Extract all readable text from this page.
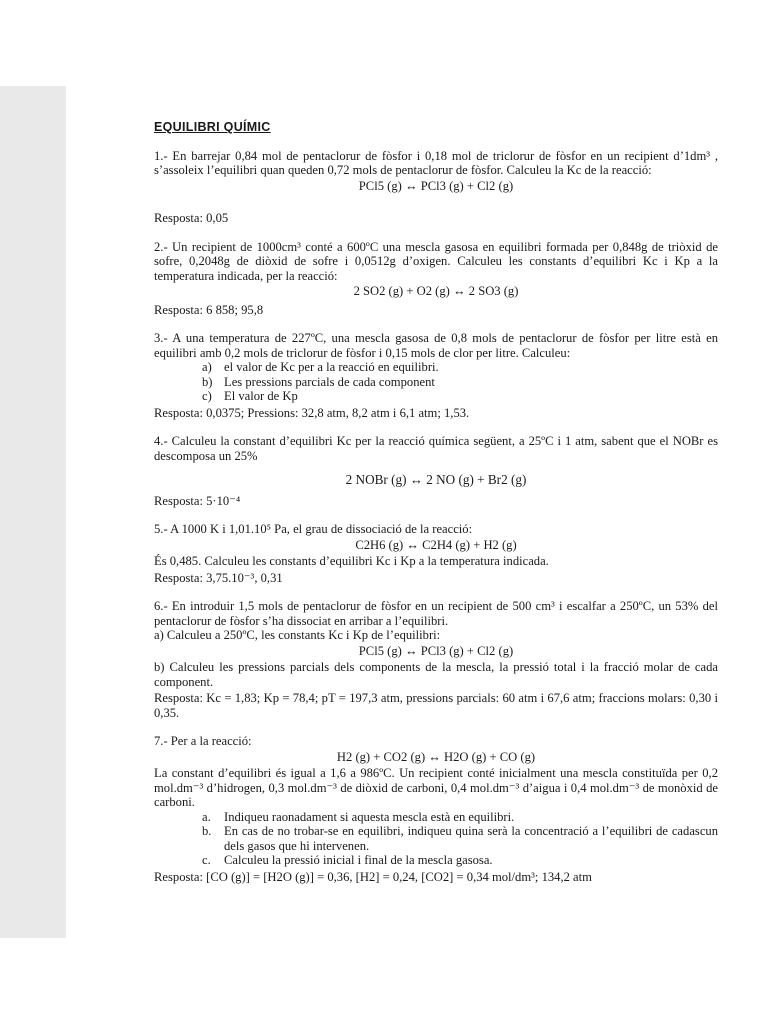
EQUILIBRI QUÍMIC

1.- En barrejar 0,84 mol de pentaclorur de fòsfor i 0,18 mol de triclorur de fòsfor en un recipient d’1dm³ , s’assoleix l’equilibri quan queden 0,72 mols de pentaclorur de fòsfor. Calculeu la Kc de la reacció:

PCl5 (g) ↔ PCl3 (g) + Cl2 (g)

Resposta: 0,05

2.- Un recipient de 1000cm³ conté a 600ºC una mescla gasosa en equilibri formada per 0,848g de triòxid de sofre, 0,2048g de diòxid de sofre i 0,0512g d’oxigen. Calculeu les constants d’equilibri Kc i Kp a la temperatura indicada, per la reacció:

2 SO2 (g) + O2 (g) ↔ 2 SO3 (g)

Resposta: 6 858; 95,8

3.- A una temperatura de 227ºC, una mescla gasosa de 0,8 mols de pentaclorur de fòsfor per litre està en equilibri amb 0,2 mols de triclorur de fòsfor i 0,15 mols de clor per litre. Calculeu:

a) el valor de Kc per a la reacció en equilibri.
b) Les pressions parcials de cada component
c) El valor de Kp

Resposta: 0,0375; Pressions: 32,8 atm, 8,2 atm i 6,1 atm; 1,53.

4.- Calculeu la constant d’equilibri Kc per la reacció química següent, a 25ºC i 1 atm, sabent que el NOBr es descomposa un 25%

2 NOBr (g) ↔ 2 NO (g) + Br2 (g)

Resposta: 5·10⁻⁴

5.- A 1000 K i 1,01.10⁵ Pa, el grau de dissociació de la reacció:

C2H6 (g) ↔ C2H4 (g) + H2 (g)

És 0,485. Calculeu les constants d’equilibri Kc i Kp a la temperatura indicada.

Resposta: 3,75.10⁻³, 0,31

6.- En introduir 1,5 mols de pentaclorur de fòsfor en un recipient de 500 cm³ i escalfar a 250ºC, un 53% del pentaclorur de fòsfor s’ha dissociat en arribar a l’equilibri.

a) Calculeu a 250ºC, les constants Kc i Kp de l’equilibri:

PCl5 (g) ↔ PCl3 (g) + Cl2 (g)

b) Calculeu les pressions parcials dels components de la mescla, la pressió total i la fracció molar de cada component.

Resposta: Kc = 1,83; Kp = 78,4; pT = 197,3 atm, pressions parcials: 60 atm i 67,6 atm; fraccions molars: 0,30 i 0,35.

7.- Per a la reacció:

H2 (g) + CO2 (g) ↔ H2O (g) + CO (g)

La constant d’equilibri és igual a 1,6 a 986ºC. Un recipient conté inicialment una mescla constituïda per 0,2 mol.dm⁻³ d’hidrogen, 0,3 mol.dm⁻³ de diòxid de carboni, 0,4 mol.dm⁻³ d’aigua i 0,4 mol.dm⁻³ de monòxid de carboni.

a. Indiqueu raonadament si aquesta mescla està en equilibri.
b. En cas de no trobar-se en equilibri, indiqueu quina serà la concentració a l’equilibri de cadascun dels gasos que hi intervenen.
c. Calculeu la pressió inicial i final de la mescla gasosa.

Resposta: [CO (g)] = [H2O (g)] = 0,36, [H2] = 0,24, [CO2] = 0,34 mol/dm³; 134,2 atm
